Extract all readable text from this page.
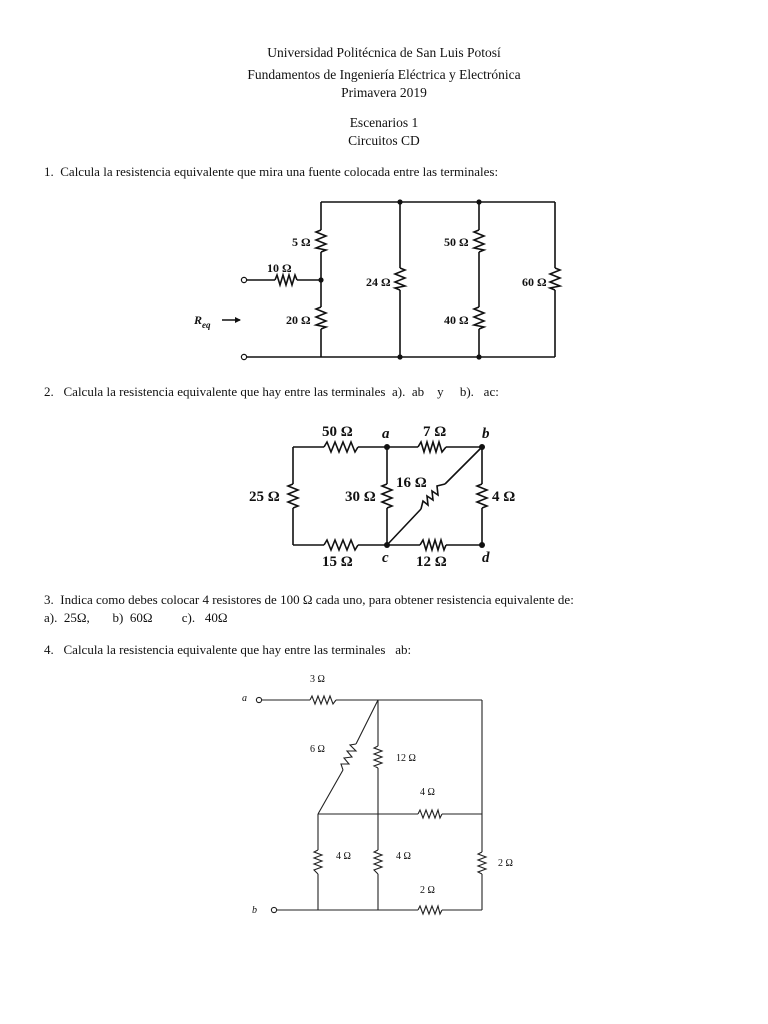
Universidad Politécnica de San Luis Potosí
Fundamentos de Ingeniería Eléctrica y Electrónica
Primavera 2019
Escenarios 1
Circuitos CD
1.  Calcula la resistencia equivalente que mira una fuente colocada entre las terminales:
$R_{eq}$
10 Ω
5 Ω
20 Ω
24 Ω
50 Ω
40 Ω
60 Ω
2.   Calcula la resistencia equivalente que hay entre las terminales  a).  ab    y     b).   ac:
50 Ω	7 Ω
25 Ω	30 Ω
16 Ω
4 Ω
15 Ω	12 Ω
a	b
c	d
3.  Indica como debes colocar 4 resistores de 100 Ω cada uno, para obtener resistencia equivalente de:
a).  25Ω,       b)  60Ω         c).   40Ω
4.   Calcula la resistencia equivalente que hay entre las terminales   ab:
a
b
3 Ω
6 Ω
12 Ω
4 Ω
4 Ω	4 Ω
2 Ω
2 Ω
